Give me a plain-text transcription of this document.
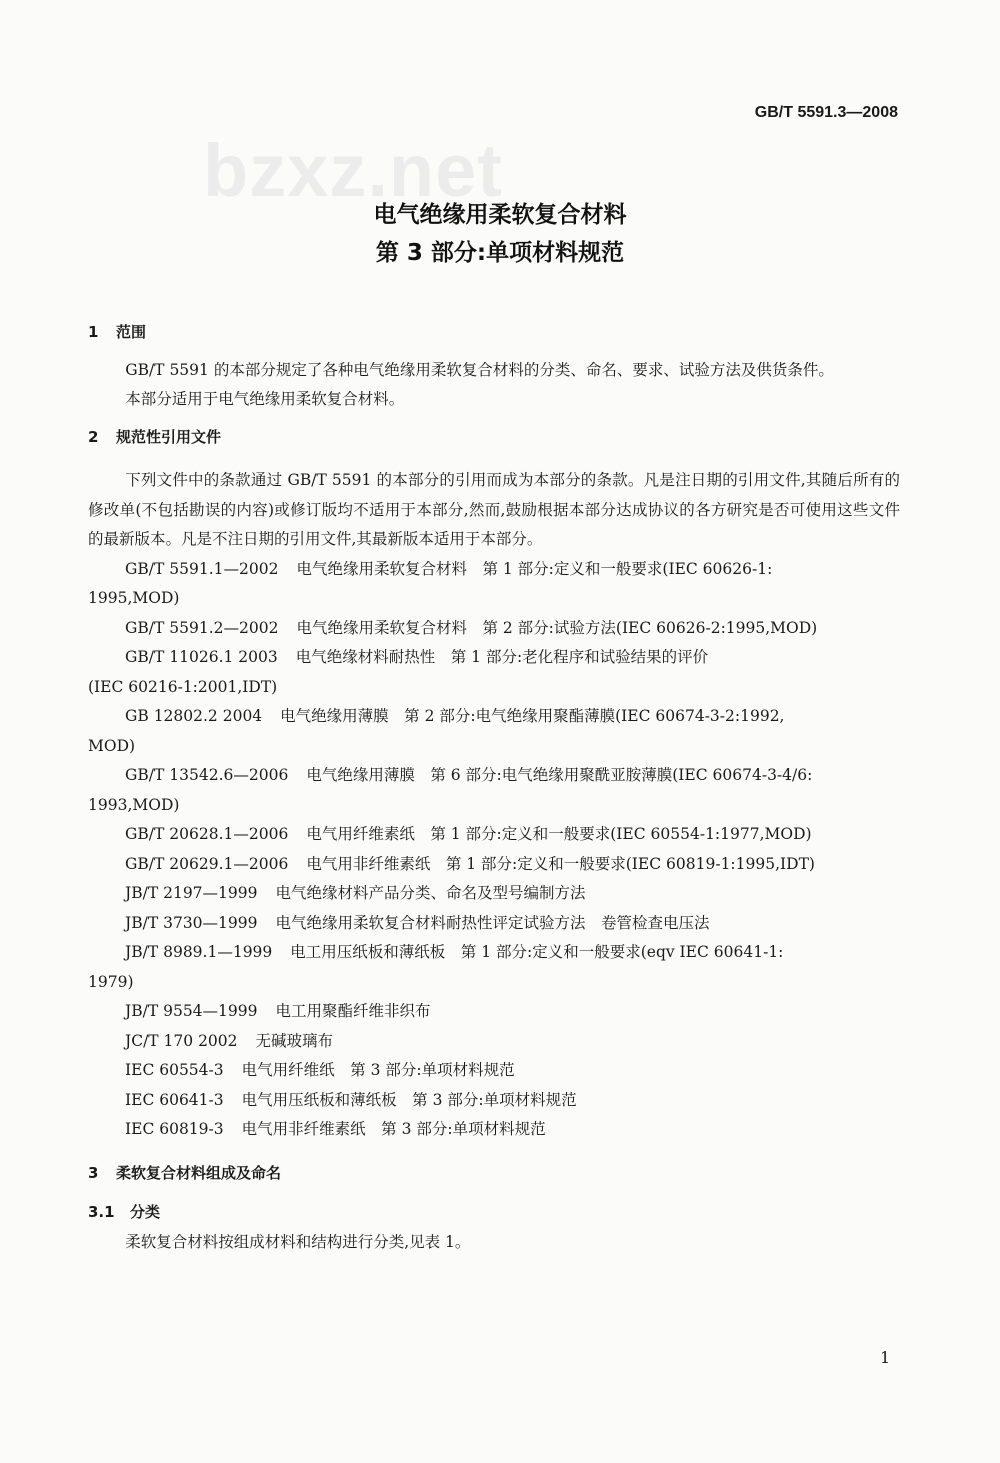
GB/T 5591.3—2008
bzxz.net
电气绝缘用柔软复合材料
第 3 部分:单项材料规范
1 范围

GB/T 5591 的本部分规定了各种电气绝缘用柔软复合材料的分类、命名、要求、试验方法及供货条件。

本部分适用于电气绝缘用柔软复合材料。

2 规范性引用文件

下列文件中的条款通过 GB/T 5591 的本部分的引用而成为本部分的条款。凡是注日期的引用文件,其随后所有的修改单(不包括勘误的内容)或修订版均不适用于本部分,然而,鼓励根据本部分达成协议的各方研究是否可使用这些文件的最新版本。凡是不注日期的引用文件,其最新版本适用于本部分。

GB/T 5591.1—2002 电气绝缘用柔软复合材料　第 1 部分:定义和一般要求(IEC 60626-1:
1995,MOD)

GB/T 5591.2—2002 电气绝缘用柔软复合材料　第 2 部分:试验方法(IEC 60626-2:1995,MOD)

GB/T 11026.1 2003 电气绝缘材料耐热性　第 1 部分:老化程序和试验结果的评价
(IEC 60216-1:2001,IDT)

GB 12802.2 2004 电气绝缘用薄膜　第 2 部分:电气绝缘用聚酯薄膜(IEC 60674-3-2:1992,
MOD)

GB/T 13542.6—2006 电气绝缘用薄膜　第 6 部分:电气绝缘用聚酰亚胺薄膜(IEC 60674-3-4/6:
1993,MOD)

GB/T 20628.1—2006 电气用纤维素纸　第 1 部分:定义和一般要求(IEC 60554-1:1977,MOD)

GB/T 20629.1—2006 电气用非纤维素纸　第 1 部分:定义和一般要求(IEC 60819-1:1995,IDT)

JB/T 2197—1999 电气绝缘材料产品分类、命名及型号编制方法

JB/T 3730—1999 电气绝缘用柔软复合材料耐热性评定试验方法　卷管检查电压法

JB/T 8989.1—1999 电工用压纸板和薄纸板　第 1 部分:定义和一般要求(eqv IEC 60641-1:
1979)

JB/T 9554—1999 电工用聚酯纤维非织布

JC/T 170 2002 无碱玻璃布

IEC 60554-3 电气用纤维纸　第 3 部分:单项材料规范

IEC 60641-3 电气用压纸板和薄纸板　第 3 部分:单项材料规范

IEC 60819-3 电气用非纤维素纸　第 3 部分:单项材料规范

3 柔软复合材料组成及命名
3.1 分类

柔软复合材料按组成材料和结构进行分类,见表 1。

1
